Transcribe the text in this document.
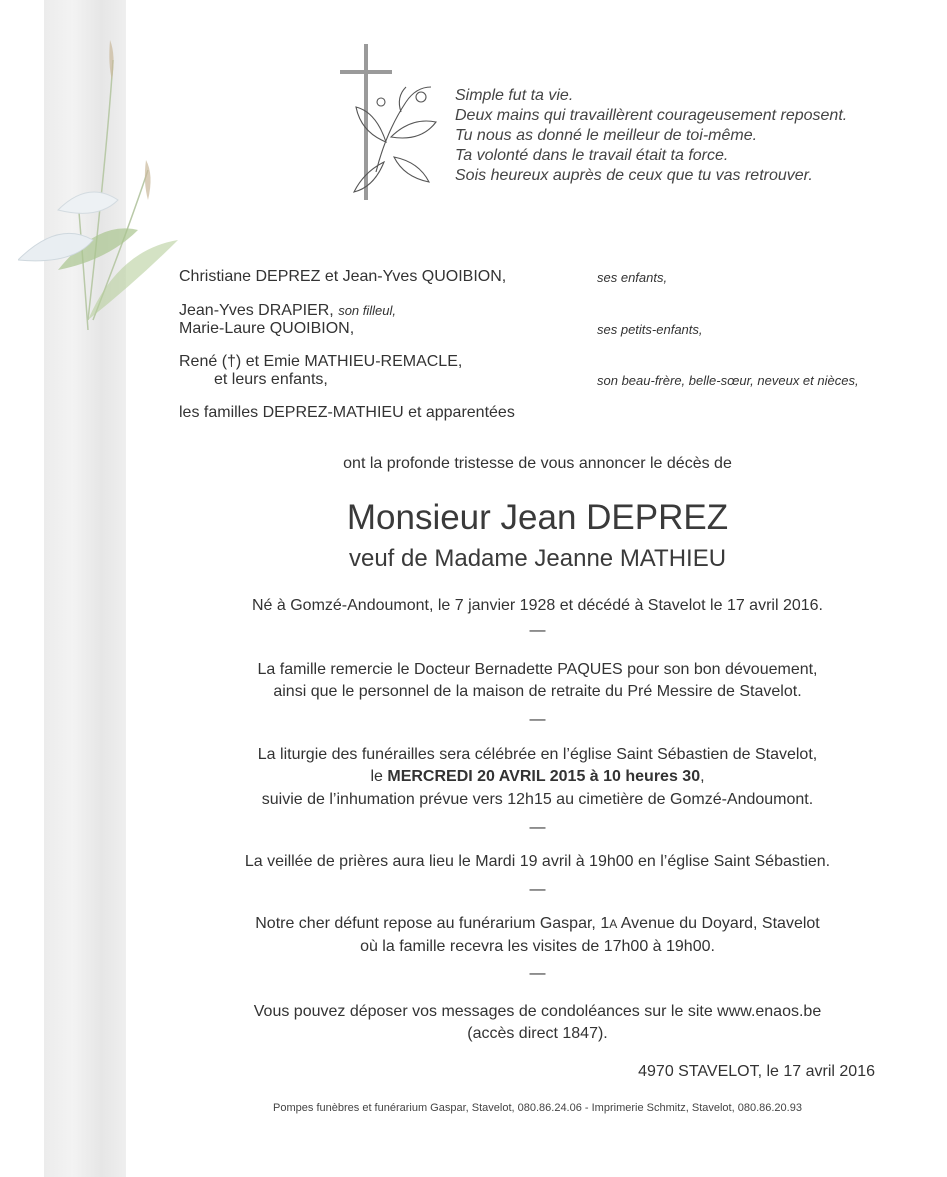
Simple fut ta vie.
Deux mains qui travaillèrent courageusement reposent.
Tu nous as donné le meilleur de toi-même.
Ta volonté dans le travail était ta force.
Sois heureux auprès de ceux que tu vas retrouver.
Christiane DEPREZ et Jean-Yves QUOIBION,	ses enfants,
Jean-Yves DRAPIER, son filleul,
Marie-Laure QUOIBION,	ses petits-enfants,
René (†) et Emie MATHIEU-REMACLE,
et leurs enfants,	son beau-frère, belle-sœur, neveux et nièces,
les familles DEPREZ-MATHIEU et apparentées
ont la profonde tristesse de vous annoncer le décès de
Monsieur Jean DEPREZ
veuf de Madame Jeanne MATHIEU
Né à Gomzé-Andoumont, le 7 janvier 1928 et décédé à Stavelot le 17 avril 2016.
—
La famille remercie le Docteur Bernadette PAQUES pour son bon dévouement,
ainsi que le personnel de la maison de retraite du Pré Messire de Stavelot.
—
La liturgie des funérailles sera célébrée en l’église Saint Sébastien de Stavelot,
le MERCREDI 20 AVRIL 2015 à 10 heures 30,
suivie de l’inhumation prévue vers 12h15 au cimetière de Gomzé-Andoumont.
—
La veillée de prières aura lieu le Mardi 19 avril à 19h00 en l’église Saint Sébastien.
—
Notre cher défunt repose au funérarium Gaspar, 1A Avenue du Doyard, Stavelot
où la famille recevra les visites de 17h00 à 19h00.
—
Vous pouvez déposer vos messages de condoléances sur le site www.enaos.be
(accès direct 1847).
4970 STAVELOT, le 17 avril 2016
Pompes funèbres et funérarium Gaspar, Stavelot, 080.86.24.06 - Imprimerie Schmitz, Stavelot, 080.86.20.93
